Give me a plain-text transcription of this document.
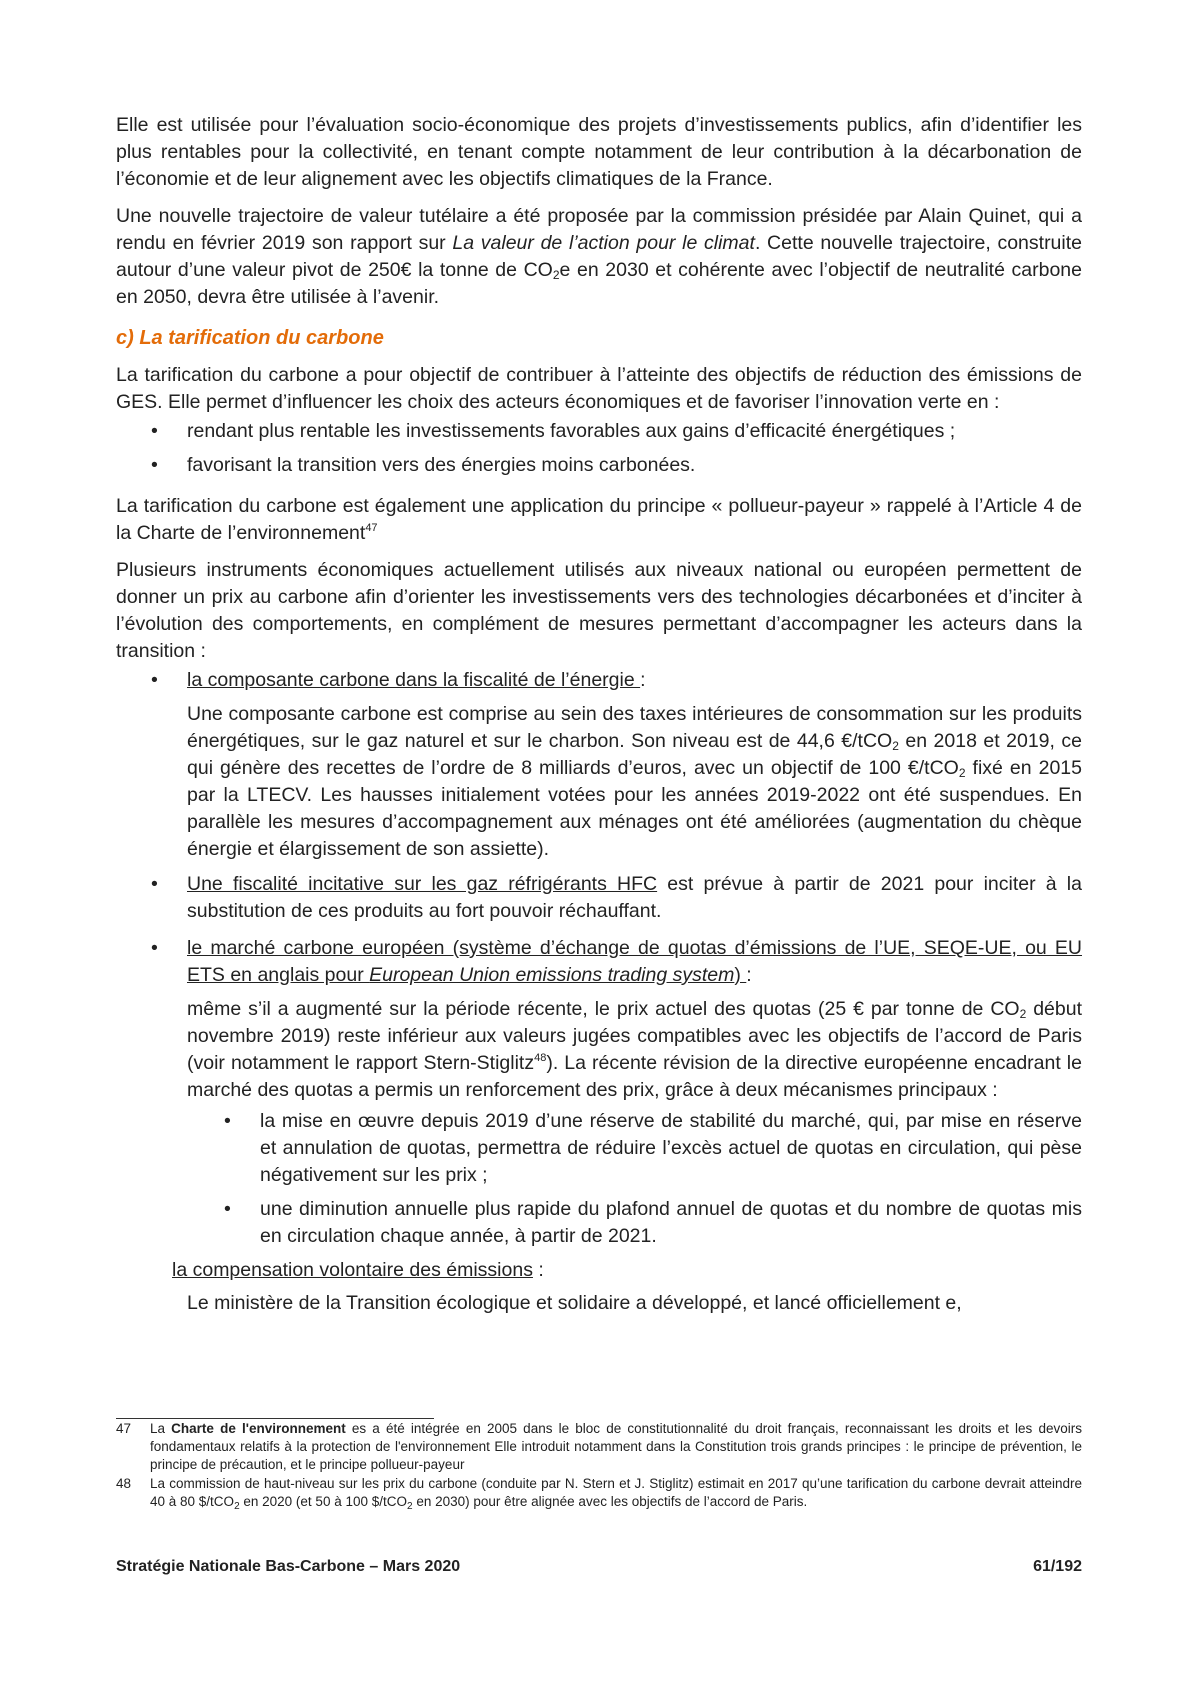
Elle est utilisée pour l’évaluation socio-économique des projets d’investissements publics, afin d’identifier les plus rentables pour la collectivité, en tenant compte notamment de leur contribution à la décarbonation de l’économie et de leur alignement avec les objectifs climatiques de la France.

Une nouvelle trajectoire de valeur tutélaire a été proposée par la commission présidée par Alain Quinet, qui a rendu en février 2019 son rapport sur La valeur de l’action pour le climat. Cette nouvelle trajectoire, construite autour d’une valeur pivot de 250€ la tonne de $CO_2e$ en 2030 et cohérente avec l’objectif de neutralité carbone en 2050, devra être utilisée à l’avenir.

c) La tarification du carbone

La tarification du carbone a pour objectif de contribuer à l’atteinte des objectifs de réduction des émissions de GES. Elle permet d’influencer les choix des acteurs économiques et de favoriser l’innovation verte en :

• rendant plus rentable les investissements favorables aux gains d’efficacité énergétiques ;
• favorisant la transition vers des énergies moins carbonées.

La tarification du carbone est également une application du principe « pollueur-payeur » rappelé à l’Article 4 de la Charte de l’environnement$^{47}$

Plusieurs instruments économiques actuellement utilisés aux niveaux national ou européen permettent de donner un prix au carbone afin d’orienter les investissements vers des technologies décarbonées et d’inciter à l’évolution des comportements, en complément de mesures permettant d’accompagner les acteurs dans la transition :

• la composante carbone dans la fiscalité de l’énergie :

Une composante carbone est comprise au sein des taxes intérieures de consommation sur les produits énergétiques, sur le gaz naturel et sur le charbon. Son niveau est de 44,6 €/tCO$_2$ en 2018 et 2019, ce qui génère des recettes de l’ordre de 8 milliards d’euros, avec un objectif de 100 €/tCO$_2$ fixé en 2015 par la LTECV. Les hausses initialement votées pour les années 2019-2022 ont été suspendues. En parallèle les mesures d’accompagnement aux ménages ont été améliorées (augmentation du chèque énergie et élargissement de son assiette).

• Une fiscalité incitative sur les gaz réfrigérants HFC est prévue à partir de 2021 pour inciter à la substitution de ces produits au fort pouvoir réchauffant.
• le marché carbone européen (système d’échange de quotas d’émissions de l’UE, SEQE-UE, ou EU ETS en anglais pour European Union emissions trading system) :

même s’il a augmenté sur la période récente, le prix actuel des quotas (25 € par tonne de $CO_2$ début novembre 2019) reste inférieur aux valeurs jugées compatibles avec les objectifs de l’accord de Paris (voir notamment le rapport Stern-Stiglitz$^{48}$). La récente révision de la directive européenne encadrant le marché des quotas a permis un renforcement des prix, grâce à deux mécanismes principaux :

• la mise en œuvre depuis 2019 d’une réserve de stabilité du marché, qui, par mise en réserve et annulation de quotas, permettra de réduire l’excès actuel de quotas en circulation, qui pèse négativement sur les prix ;
• une diminution annuelle plus rapide du plafond annuel de quotas et du nombre de quotas mis en circulation chaque année, à partir de 2021.
la compensation volontaire des émissions :
Le ministère de la Transition écologique et solidaire a développé, et lancé officiellement e,
47	La Charte de l'environnement es a été intégrée en 2005 dans le bloc de constitutionnalité du droit français, reconnaissant les droits et les devoirs fondamentaux relatifs à la protection de l'environnement Elle introduit notamment dans la Constitution trois grands principes : le principe de prévention, le principe de précaution, et le principe pollueur-payeur
48	La commission de haut-niveau sur les prix du carbone (conduite par N. Stern et J. Stiglitz) estimait en 2017 qu’une tarification du carbone devrait atteindre 40 à 80 $/tCO$_2$ en 2020 (et 50 à 100 $/tCO$_2$ en 2030) pour être alignée avec les objectifs de l’accord de Paris.
Stratégie Nationale Bas-Carbone – Mars 2020	61/192
